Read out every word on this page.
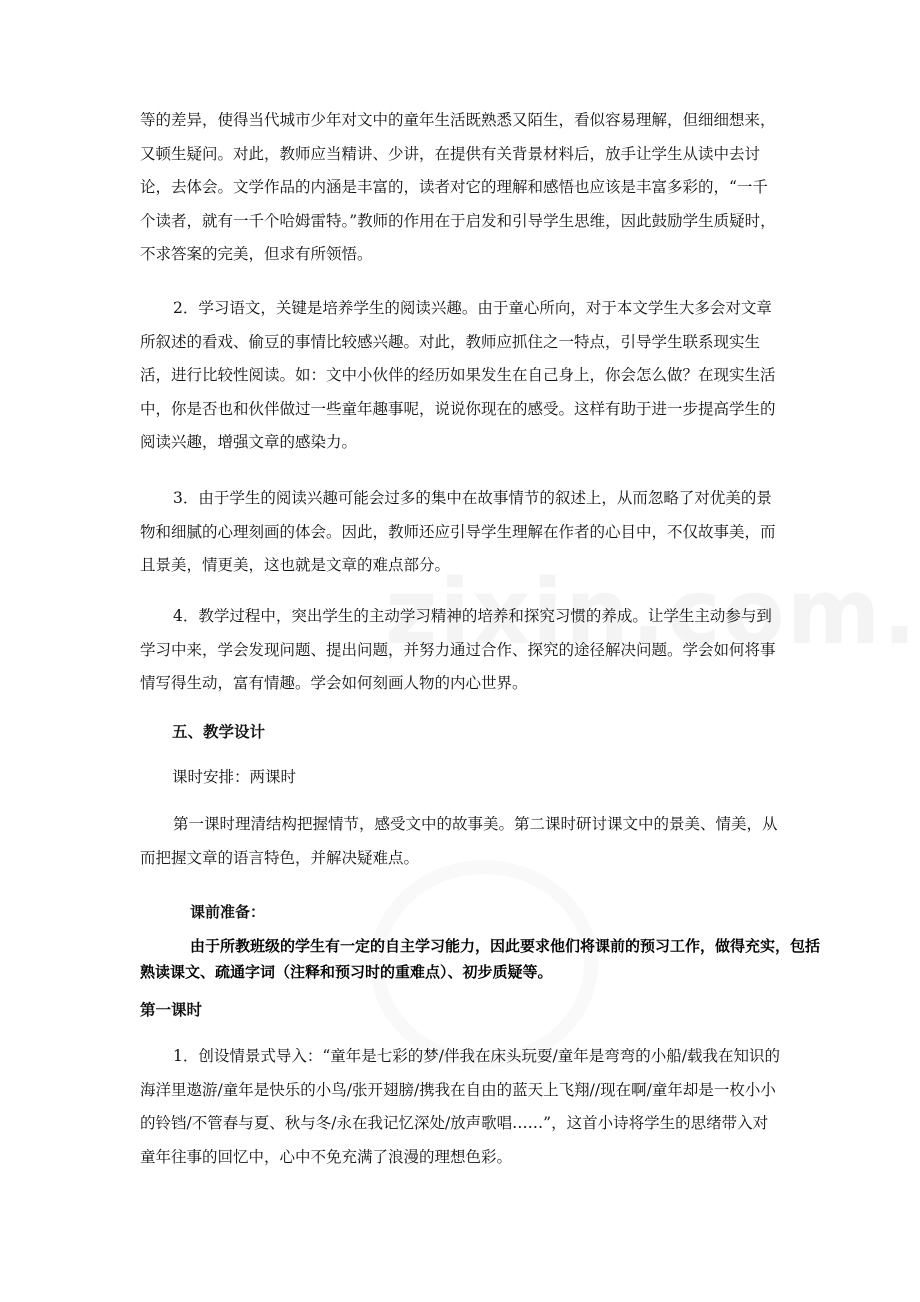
等的差异，使得当代城市少年对文中的童年生活既熟悉又陌生，看似容易理解，但细细想来，又顿生疑问。对此，教师应当精讲、少讲，在提供有关背景材料后，放手让学生从读中去讨论，去体会。文学作品的内涵是丰富的，读者对它的理解和感悟也应该是丰富多彩的，“一千个读者，就有一千个哈姆雷特。”教师的作用在于启发和引导学生思维，因此鼓励学生质疑时，不求答案的完美，但求有所领悟。

2．学习语文，关键是培养学生的阅读兴趣。由于童心所向，对于本文学生大多会对文章所叙述的看戏、偷豆的事情比较感兴趣。对此，教师应抓住之一特点，引导学生联系现实生活，进行比较性阅读。如：文中小伙伴的经历如果发生在自己身上，你会怎么做？在现实生活中，你是否也和伙伴做过一些童年趣事呢，说说你现在的感受。这样有助于进一步提高学生的阅读兴趣，增强文章的感染力。

3．由于学生的阅读兴趣可能会过多的集中在故事情节的叙述上，从而忽略了对优美的景物和细腻的心理刻画的体会。因此，教师还应引导学生理解在作者的心目中，不仅故事美，而且景美，情更美，这也就是文章的难点部分。

4．教学过程中，突出学生的主动学习精神的培养和探究习惯的养成。让学生主动参与到学习中来，学会发现问题、提出问题，并努力通过合作、探究的途径解决问题。学会如何将事情写得生动，富有情趣。学会如何刻画人物的内心世界。

五、教学设计

课时安排：两课时

第一课时理清结构把握情节，感受文中的故事美。第二课时研讨课文中的景美、情美，从而把握文章的语言特色，并解决疑难点。

课前准备：

由于所教班级的学生有一定的自主学习能力，因此要求他们将课前的预习工作，做得充实，包括熟读课文、疏通字词（注释和预习时的重难点）、初步质疑等。

第一课时

1．创设情景式导入：“童年是七彩的梦/伴我在床头玩耍/童年是弯弯的小船/载我在知识的海洋里遨游/童年是快乐的小鸟/张开翅膀/携我在自由的蓝天上飞翔//现在啊/童年却是一枚小小的铃铛/不管春与夏、秋与冬/永在我记忆深处/放声歌唱……”，这首小诗将学生的思绪带入对童年往事的回忆中，心中不免充满了浪漫的理想色彩。
